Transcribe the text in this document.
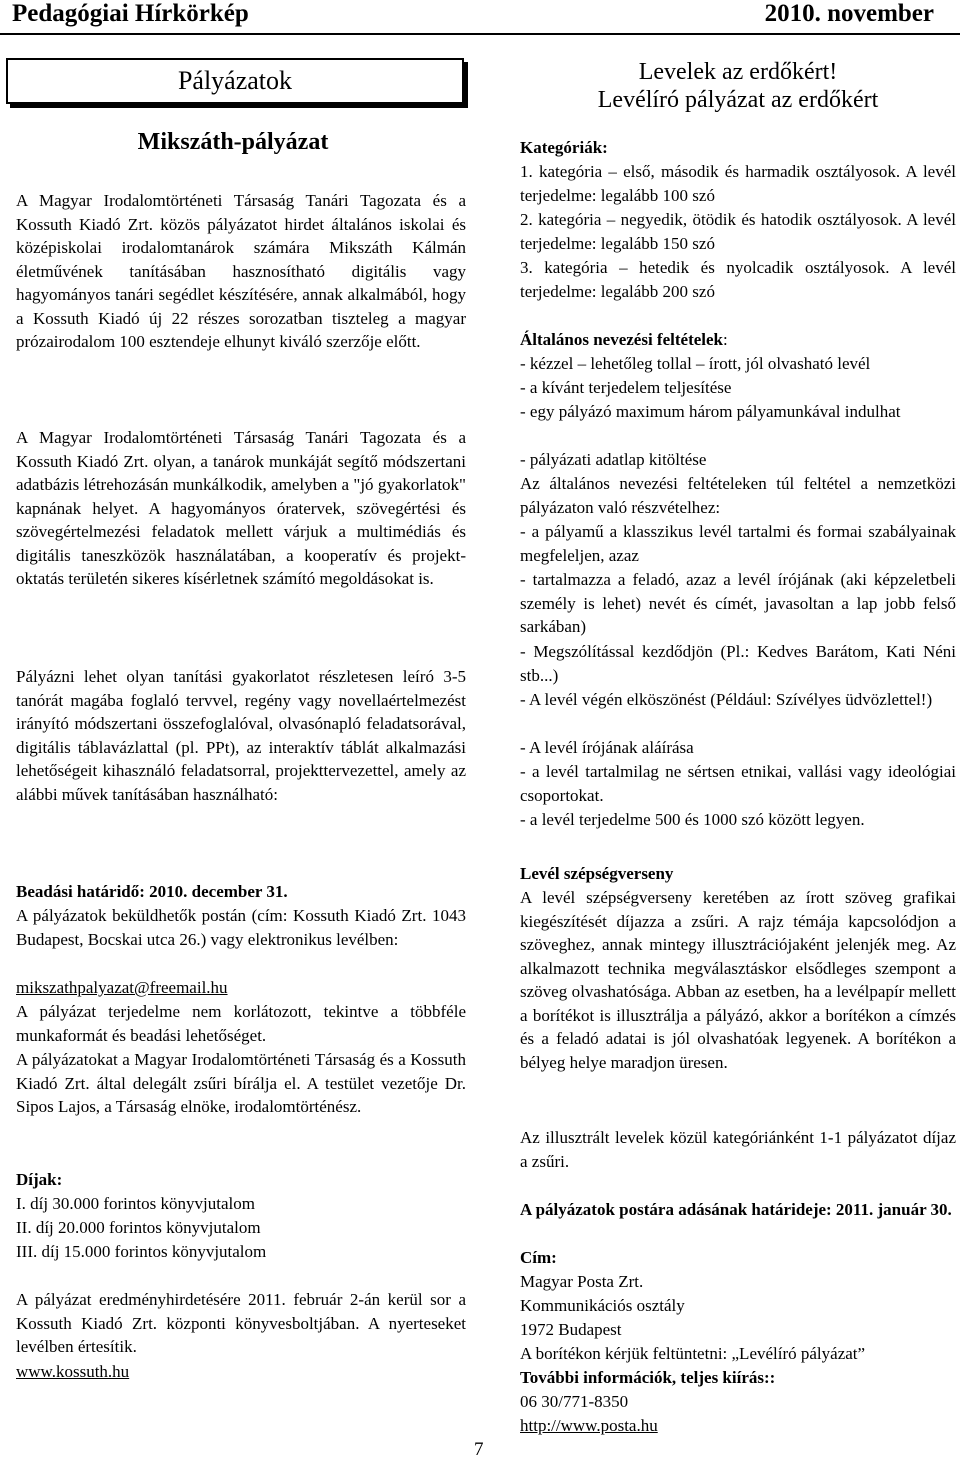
Pedagógiai Hírkörkép	2010. november
Pályázatok
Mikszáth-pályázat

A Magyar Irodalomtörténeti Társaság Tanári Tagozata és a Kossuth Kiadó Zrt. közös pályázatot hirdet általános iskolai és középiskolai irodalomtanárok számára Mikszáth Kálmán életművének tanításában hasznosítható digitális vagy hagyományos tanári segédlet készítésére, annak alkalmából, hogy a Kossuth Kiadó új 22 részes sorozatban tiszteleg a magyar prózairodalom 100 esztendeje elhunyt kiváló szerzője előtt.

A Magyar Irodalomtörténeti Társaság Tanári Tagozata és a Kossuth Kiadó Zrt. olyan, a tanárok munkáját segítő módszertani adatbázis létrehozásán munkálkodik, amelyben a "jó gyakorlatok" kapnának helyet. A hagyományos óratervek, szövegértési és szövegértelmezési feladatok mellett várjuk a multimédiás és digitális taneszközök használatában, a kooperatív és projekt-oktatás területén sikeres kísérletnek számító megoldásokat is.

Pályázni lehet olyan tanítási gyakorlatot részletesen leíró 3-5 tanórát magába foglaló tervvel, regény vagy novellaértelmezést irányító módszertani összefoglalóval, olvasónapló feladatsorával, digitális táblavázlattal (pl. PPt), az interaktív táblát alkalmazási lehetőségeit kihasználó feladatsorral, projekttervezettel, amely az alábbi művek tanításában használható:

Beadási határidő: 2010. december 31.

A pályázatok beküldhetők postán (cím: Kossuth Kiadó Zrt. 1043 Budapest, Bocskai utca 26.) vagy elektronikus levélben:

mikszathpalyazat@freemail.hu

A pályázat terjedelme nem korlátozott, tekintve a többféle munkaformát és beadási lehetőséget.

A pályázatokat a Magyar Irodalomtörténeti Társaság és a Kossuth Kiadó Zrt. által delegált zsűri bírálja el. A testület vezetője Dr. Sipos Lajos, a Társaság elnöke, irodalomtörténész.

Díjak:

I. díj 30.000 forintos könyvjutalom

II. díj 20.000 forintos könyvjutalom

III. díj 15.000 forintos könyvjutalom

A pályázat eredményhirdetésére 2011. február 2-án kerül sor a Kossuth Kiadó Zrt. központi könyvesboltjában. A nyerteseket levélben értesítik.

www.kossuth.hu

Levelek az erdőkért!
Levélíró pályázat az erdőkért

Kategóriák:

1. kategória – első, második és harmadik osztályosok. A levél terjedelme: legalább 100 szó

2. kategória – negyedik, ötödik és hatodik osztályosok. A levél terjedelme: legalább 150 szó

3. kategória – hetedik és nyolcadik osztályosok. A levél terjedelme: legalább 200 szó

Általános nevezési feltételek:

- kézzel – lehetőleg tollal – írott, jól olvasható levél

- a kívánt terjedelem teljesítése

- egy pályázó maximum három pályamunkával indulhat

- pályázati adatlap kitöltése

Az általános nevezési feltételeken túl feltétel a nemzetközi pályázaton való részvételhez:

- a pályamű a klasszikus levél tartalmi és formai szabályainak megfeleljen, azaz

- tartalmazza a feladó, azaz a levél írójának (aki képzeletbeli személy is lehet) nevét és címét, javasoltan a lap jobb felső sarkában)

- Megszólítással kezdődjön (Pl.: Kedves Barátom, Kati Néni stb...)

- A levél végén elköszönést (Például: Szívélyes üdvözlettel!)

- A levél írójának aláírása

- a levél tartalmilag ne sértsen etnikai, vallási vagy ideológiai csoportokat.

- a levél terjedelme 500 és 1000 szó között legyen.

Levél szépségverseny

A levél szépségverseny keretében az írott szöveg grafikai kiegészítését díjazza a zsűri. A rajz témája kapcsolódjon a szöveghez, annak mintegy illusztrációjaként jelenjék meg. Az alkalmazott technika megválasztáskor elsődleges szempont a szöveg olvashatósága. Abban az esetben, ha a levélpapír mellett a borítékot is illusztrálja a pályázó, akkor a borítékon a címzés és a feladó adatai is jól olvashatóak legyenek. A borítékon a bélyeg helye maradjon üresen.

Az illusztrált levelek közül kategóriánként 1-1 pályázatot díjaz a zsűri.

A pályázatok postára adásának határideje: 2011. január 30.

Cím:

Magyar Posta Zrt.

Kommunikációs osztály

1972 Budapest

A borítékon kérjük feltüntetni: „Levélíró pályázat”

További információk, teljes kiírás::

06 30/771-8350

http://www.posta.hu

7
